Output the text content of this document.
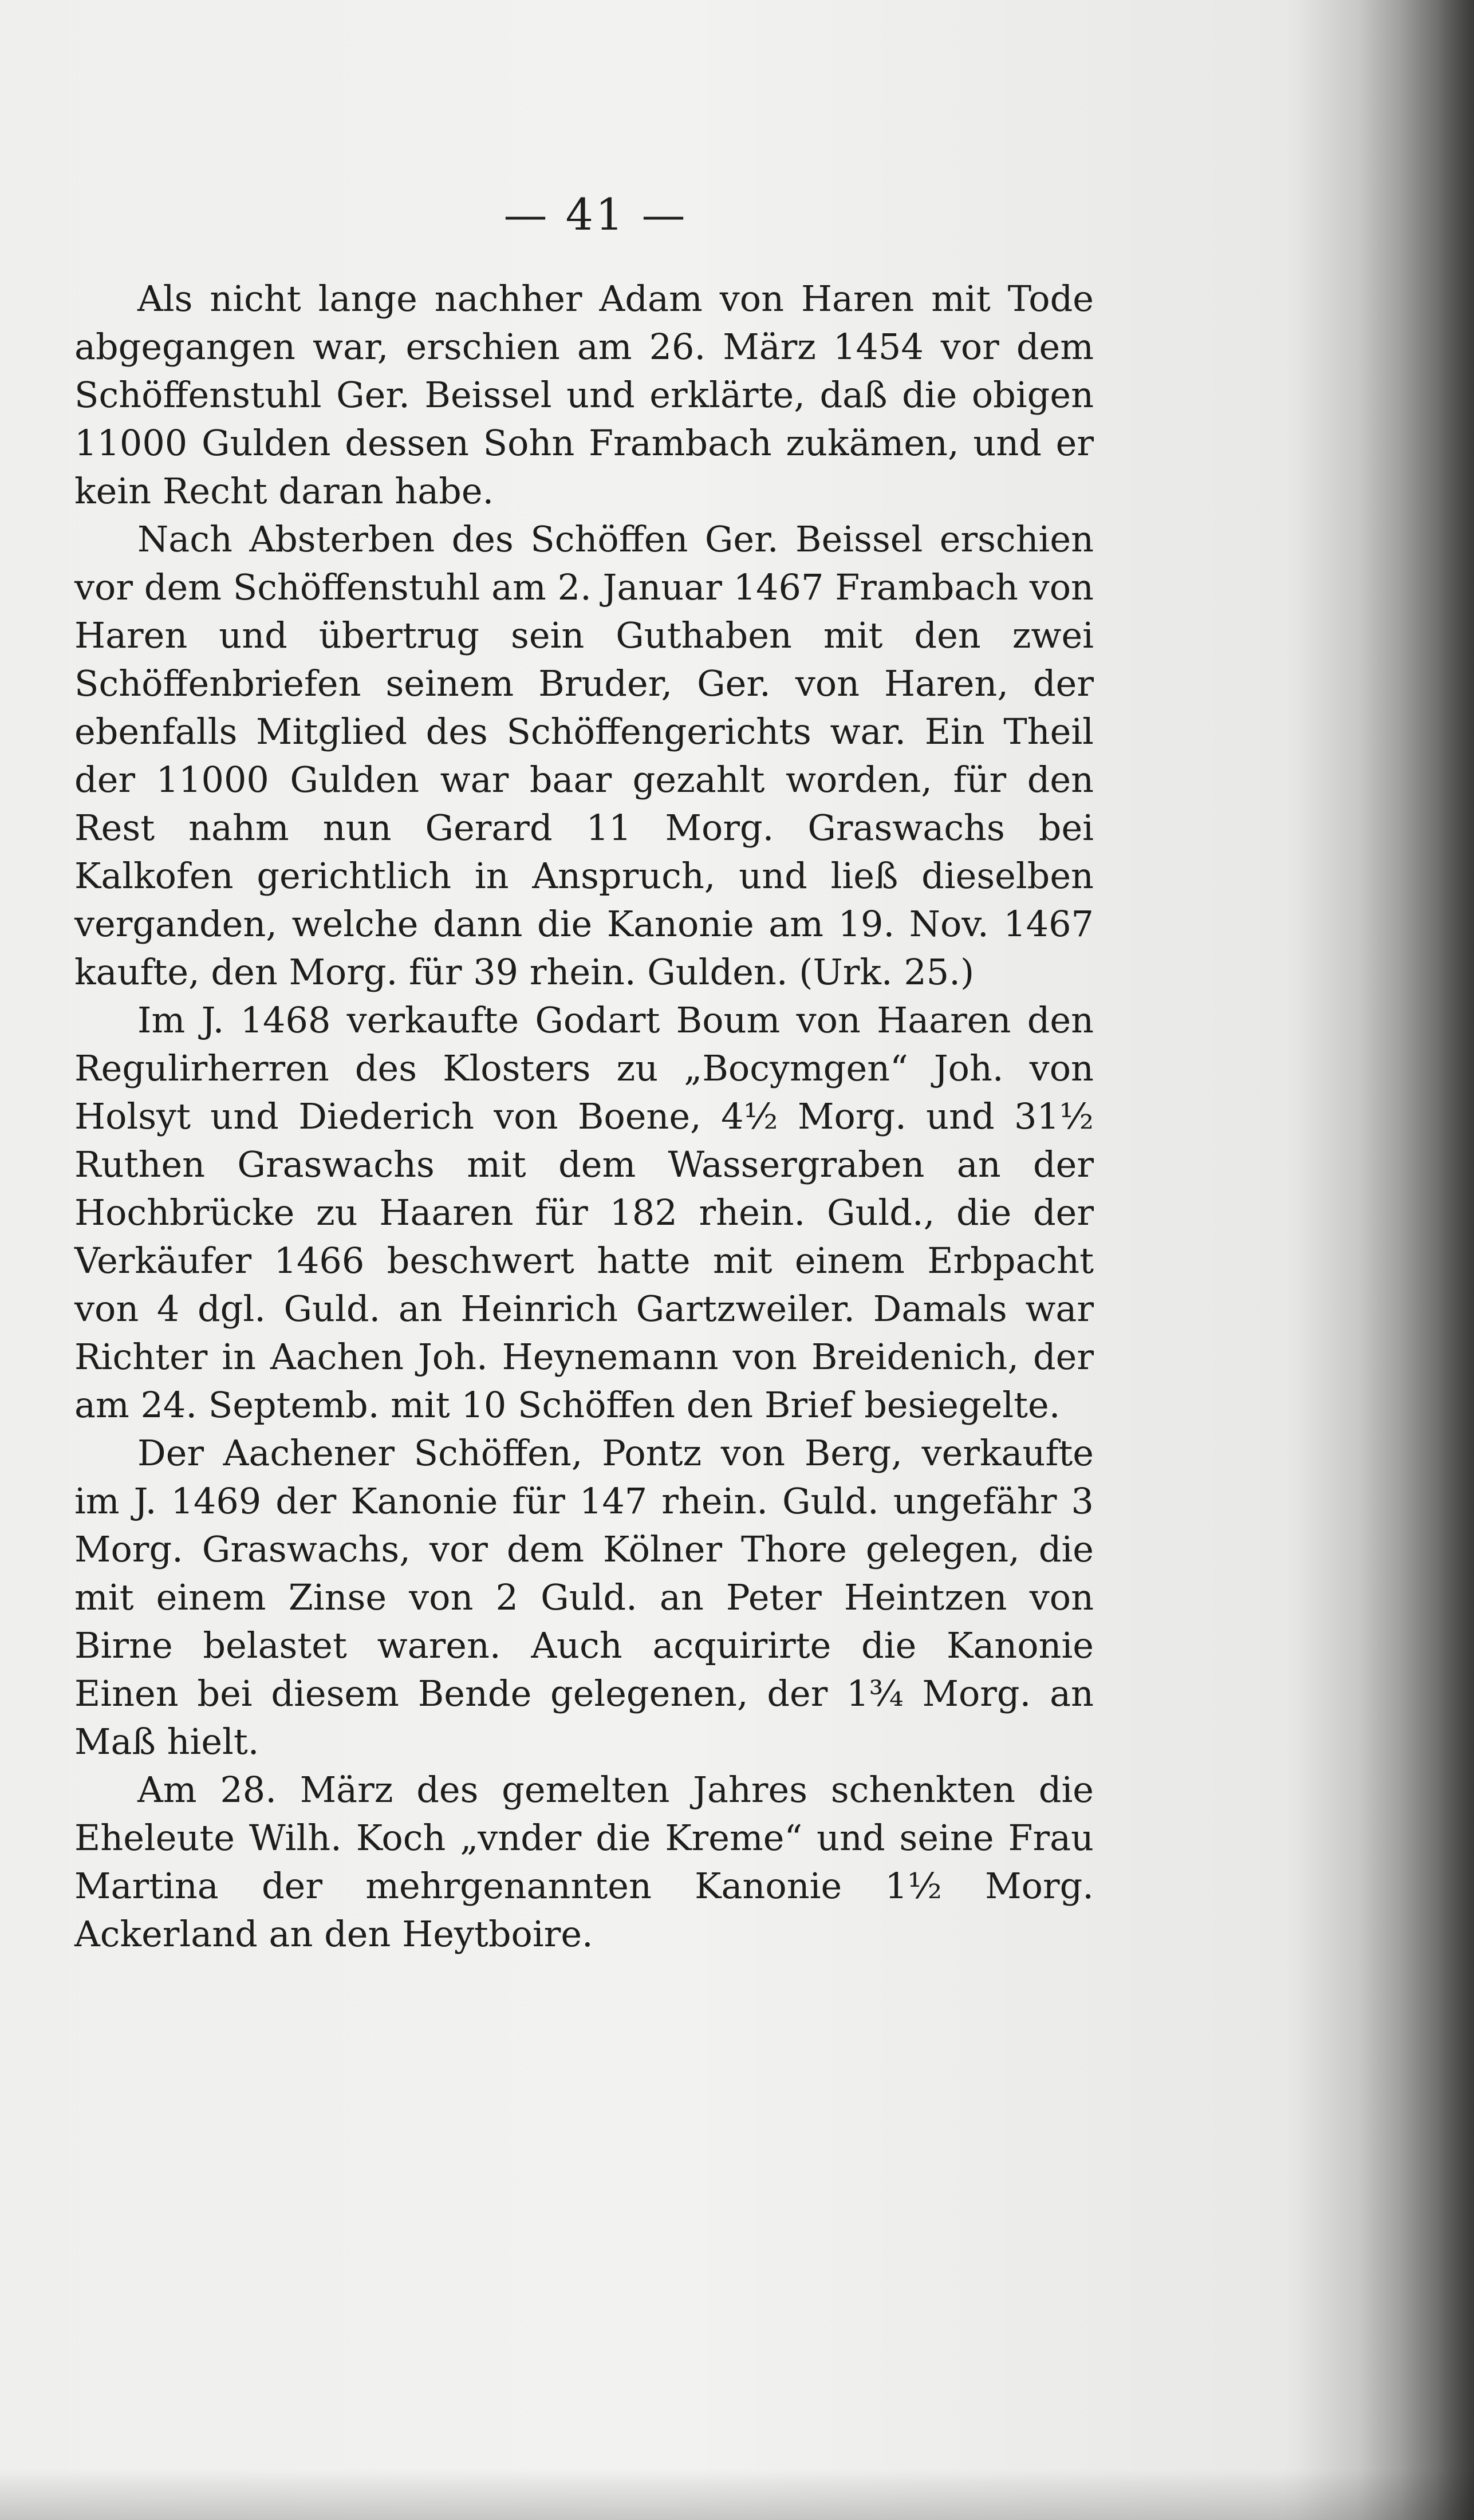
— 41 —

Als nicht lange nachher Adam von Haren mit Tode abgegangen war, erschien am 26. März 1454 vor dem Schöffenstuhl Ger. Beissel und erklärte, daß die obigen 11000 Gulden dessen Sohn Frambach zukämen, und er kein Recht daran habe.

Nach Absterben des Schöffen Ger. Beissel erschien vor dem Schöffenstuhl am 2. Januar 1467 Frambach von Haren und übertrug sein Guthaben mit den zwei Schöffenbriefen seinem Bruder, Ger. von Haren, der ebenfalls Mitglied des Schöffengerichts war. Ein Theil der 11000 Gulden war baar gezahlt worden, für den Rest nahm nun Gerard 11 Morg. Graswachs bei Kalkofen gerichtlich in Anspruch, und ließ dieselben verganden, welche dann die Kanonie am 19. Nov. 1467 kaufte, den Morg. für 39 rhein. Gulden. (Urk. 25.)

Im J. 1468 verkaufte Godart Boum von Haaren den Regulirherren des Klosters zu „Bocymgen“ Joh. von Holsyt und Diederich von Boene, 4½ Morg. und 31½ Ruthen Graswachs mit dem Wassergraben an der Hochbrücke zu Haaren für 182 rhein. Guld., die der Verkäufer 1466 beschwert hatte mit einem Erbpacht von 4 dgl. Guld. an Heinrich Gartzweiler. Damals war Richter in Aachen Joh. Heynemann von Breidenich, der am 24. Septemb. mit 10 Schöffen den Brief besiegelte.

Der Aachener Schöffen, Pontz von Berg, verkaufte im J. 1469 der Kanonie für 147 rhein. Guld. ungefähr 3 Morg. Graswachs, vor dem Kölner Thore gelegen, die mit einem Zinse von 2 Guld. an Peter Heintzen von Birne belastet waren. Auch acquirirte die Kanonie Einen bei diesem Bende gelegenen, der 1¾ Morg. an Maß hielt.

Am 28. März des gemelten Jahres schenkten die Eheleute Wilh. Koch „vnder die Kreme“ und seine Frau Martina der mehrgenannten Kanonie 1½ Morg. Ackerland an den Heytboire.
